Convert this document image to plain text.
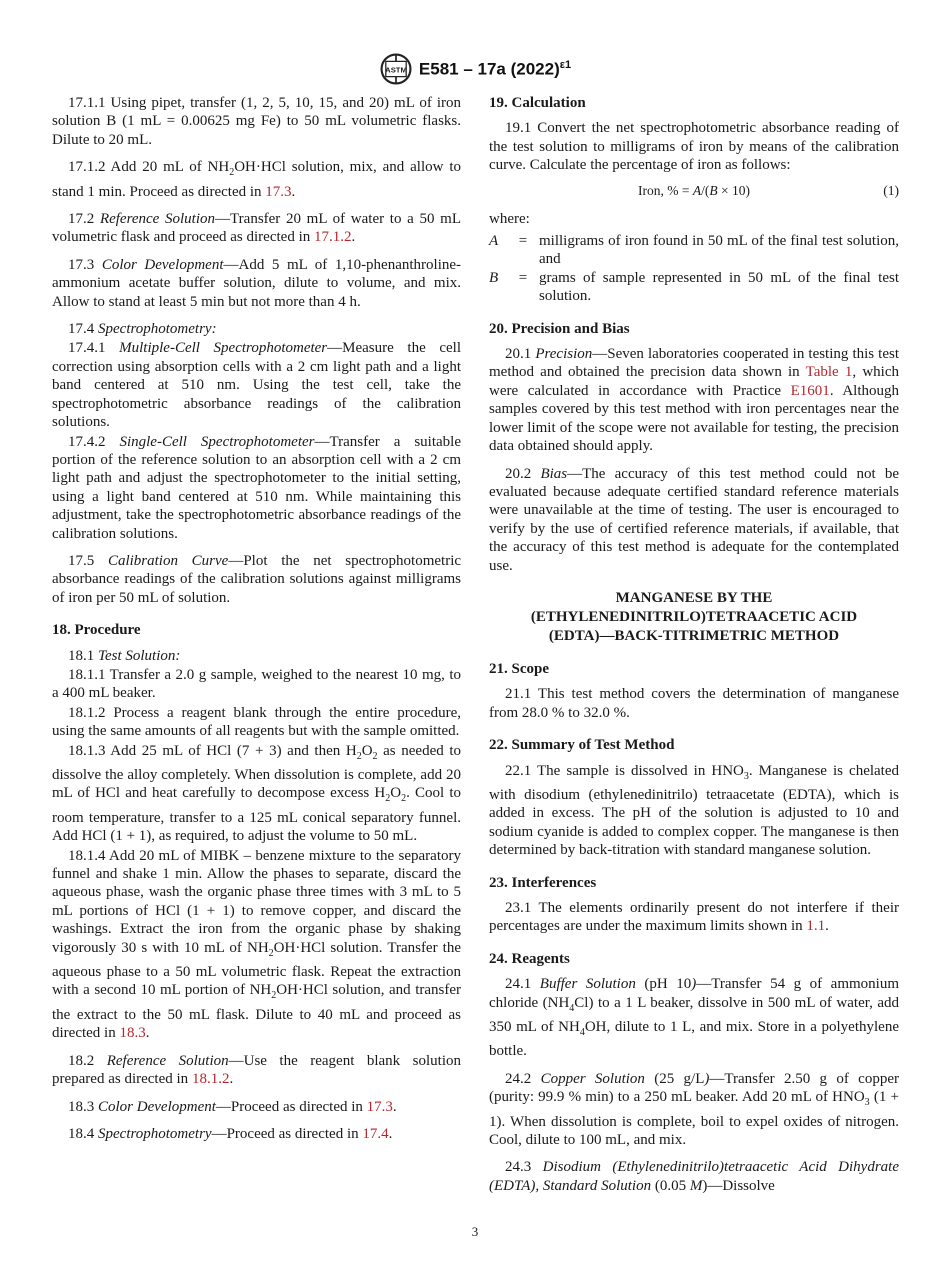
ASTM E581 – 17a $(2022)^{\varepsilon 1}$

17.1.1 Using pipet, transfer (1, 2, 5, 10, 15, and 20) mL of iron solution B (1 mL = 0.00625 mg Fe) to 50 mL volumetric flasks. Dilute to 20 mL.

17.1.2 Add 20 mL of $NH_2OH\cdot HCl$ solution, mix, and allow to stand 1 min. Proceed as directed in 17.3.

17.2 Reference Solution—Transfer 20 mL of water to a 50 mL volumetric flask and proceed as directed in 17.1.2.

17.3 Color Development—Add 5 mL of 1,10-phenanthroline-ammonium acetate buffer solution, dilute to volume, and mix. Allow to stand at least 5 min but not more than 4 h.

17.4 Spectrophotometry:

17.4.1 Multiple-Cell Spectrophotometer—Measure the cell correction using absorption cells with a 2 cm light path and a light band centered at 510 nm. Using the test cell, take the spectrophotometric absorbance readings of the calibration solutions.

17.4.2 Single-Cell Spectrophotometer—Transfer a suitable portion of the reference solution to an absorption cell with a 2 cm light path and adjust the spectrophotometer to the initial setting, using a light band centered at 510 nm. While maintaining this adjustment, take the spectrophotometric absorbance readings of the calibration solutions.

17.5 Calibration Curve—Plot the net spectrophotometric absorbance readings of the calibration solutions against milligrams of iron per 50 mL of solution.

18. Procedure

18.1 Test Solution:

18.1.1 Transfer a 2.0 g sample, weighed to the nearest 10 mg, to a 400 mL beaker.

18.1.2 Process a reagent blank through the entire procedure, using the same amounts of all reagents but with the sample omitted.

18.1.3 Add 25 mL of HCl (7 + 3) and then $H_2O_2$ as needed to dissolve the alloy completely. When dissolution is complete, add 20 mL of HCl and heat carefully to decompose excess $H_2O_2$. Cool to room temperature, transfer to a 125 mL conical separatory funnel. Add HCl (1 + 1), as required, to adjust the volume to 50 mL.

18.1.4 Add 20 mL of MIBK – benzene mixture to the separatory funnel and shake 1 min. Allow the phases to separate, discard the aqueous phase, wash the organic phase three times with 3 mL to 5 mL portions of HCl (1 + 1) to remove copper, and discard the washings. Extract the iron from the organic phase by shaking vigorously 30 s with 10 mL of $NH_2OH\cdot HCl$ solution. Transfer the aqueous phase to a 50 mL volumetric flask. Repeat the extraction with a second 10 mL portion of $NH_2OH\cdot HCl$ solution, and transfer the extract to the 50 mL flask. Dilute to 40 mL and proceed as directed in 18.3.

18.2 Reference Solution—Use the reagent blank solution prepared as directed in 18.1.2.

18.3 Color Development—Proceed as directed in 17.3.

18.4 Spectrophotometry—Proceed as directed in 17.4.

19. Calculation

19.1 Convert the net spectrophotometric absorbance reading of the test solution to milligrams of iron by means of the calibration curve. Calculate the percentage of iron as follows:

Iron, % = A/(B × 10)	(1)
where:
A	=	milligrams of iron found in 50 mL of the final test solution, and
B	=	grams of sample represented in 50 mL of the final test solution.
20. Precision and Bias

20.1 Precision—Seven laboratories cooperated in testing this test method and obtained the precision data shown in Table 1, which were calculated in accordance with Practice E1601. Although samples covered by this test method with iron percentages near the lower limit of the scope were not available for testing, the precision data obtained should apply.

20.2 Bias—The accuracy of this test method could not be evaluated because adequate certified standard reference materials were unavailable at the time of testing. The user is encouraged to verify by the use of certified reference materials, if available, that the accuracy of this test method is adequate for the contemplated use.

MANGANESE BY THE
(ETHYLENEDINITRILO)TETRAACETIC ACID
(EDTA)—BACK-TITRIMETRIC METHOD
21. Scope

21.1 This test method covers the determination of manganese from 28.0 % to 32.0 %.

22. Summary of Test Method

22.1 The sample is dissolved in $HNO_3$. Manganese is chelated with disodium (ethylenedinitrilo) tetraacetate (EDTA), which is added in excess. The pH of the solution is adjusted to 10 and sodium cyanide is added to complex copper. The manganese is then determined by back-titration with standard manganese solution.

23. Interferences

23.1 The elements ordinarily present do not interfere if their percentages are under the maximum limits shown in 1.1.

24. Reagents

24.1 Buffer Solution (pH 10)—Transfer 54 g of ammonium chloride $(NH_4Cl)$ to a 1 L beaker, dissolve in 500 mL of water, add 350 mL of $NH_4OH$, dilute to 1 L, and mix. Store in a polyethylene bottle.

24.2 Copper Solution (25 g/L)—Transfer 2.50 g of copper (purity: 99.9 % min) to a 250 mL beaker. Add 20 mL of $HNO_3$ (1 + 1). When dissolution is complete, boil to expel oxides of nitrogen. Cool, dilute to 100 mL, and mix.

24.3 Disodium (Ethylenedinitrilo)tetraacetic Acid Dihydrate (EDTA), Standard Solution (0.05 M)—Dissolve

3
